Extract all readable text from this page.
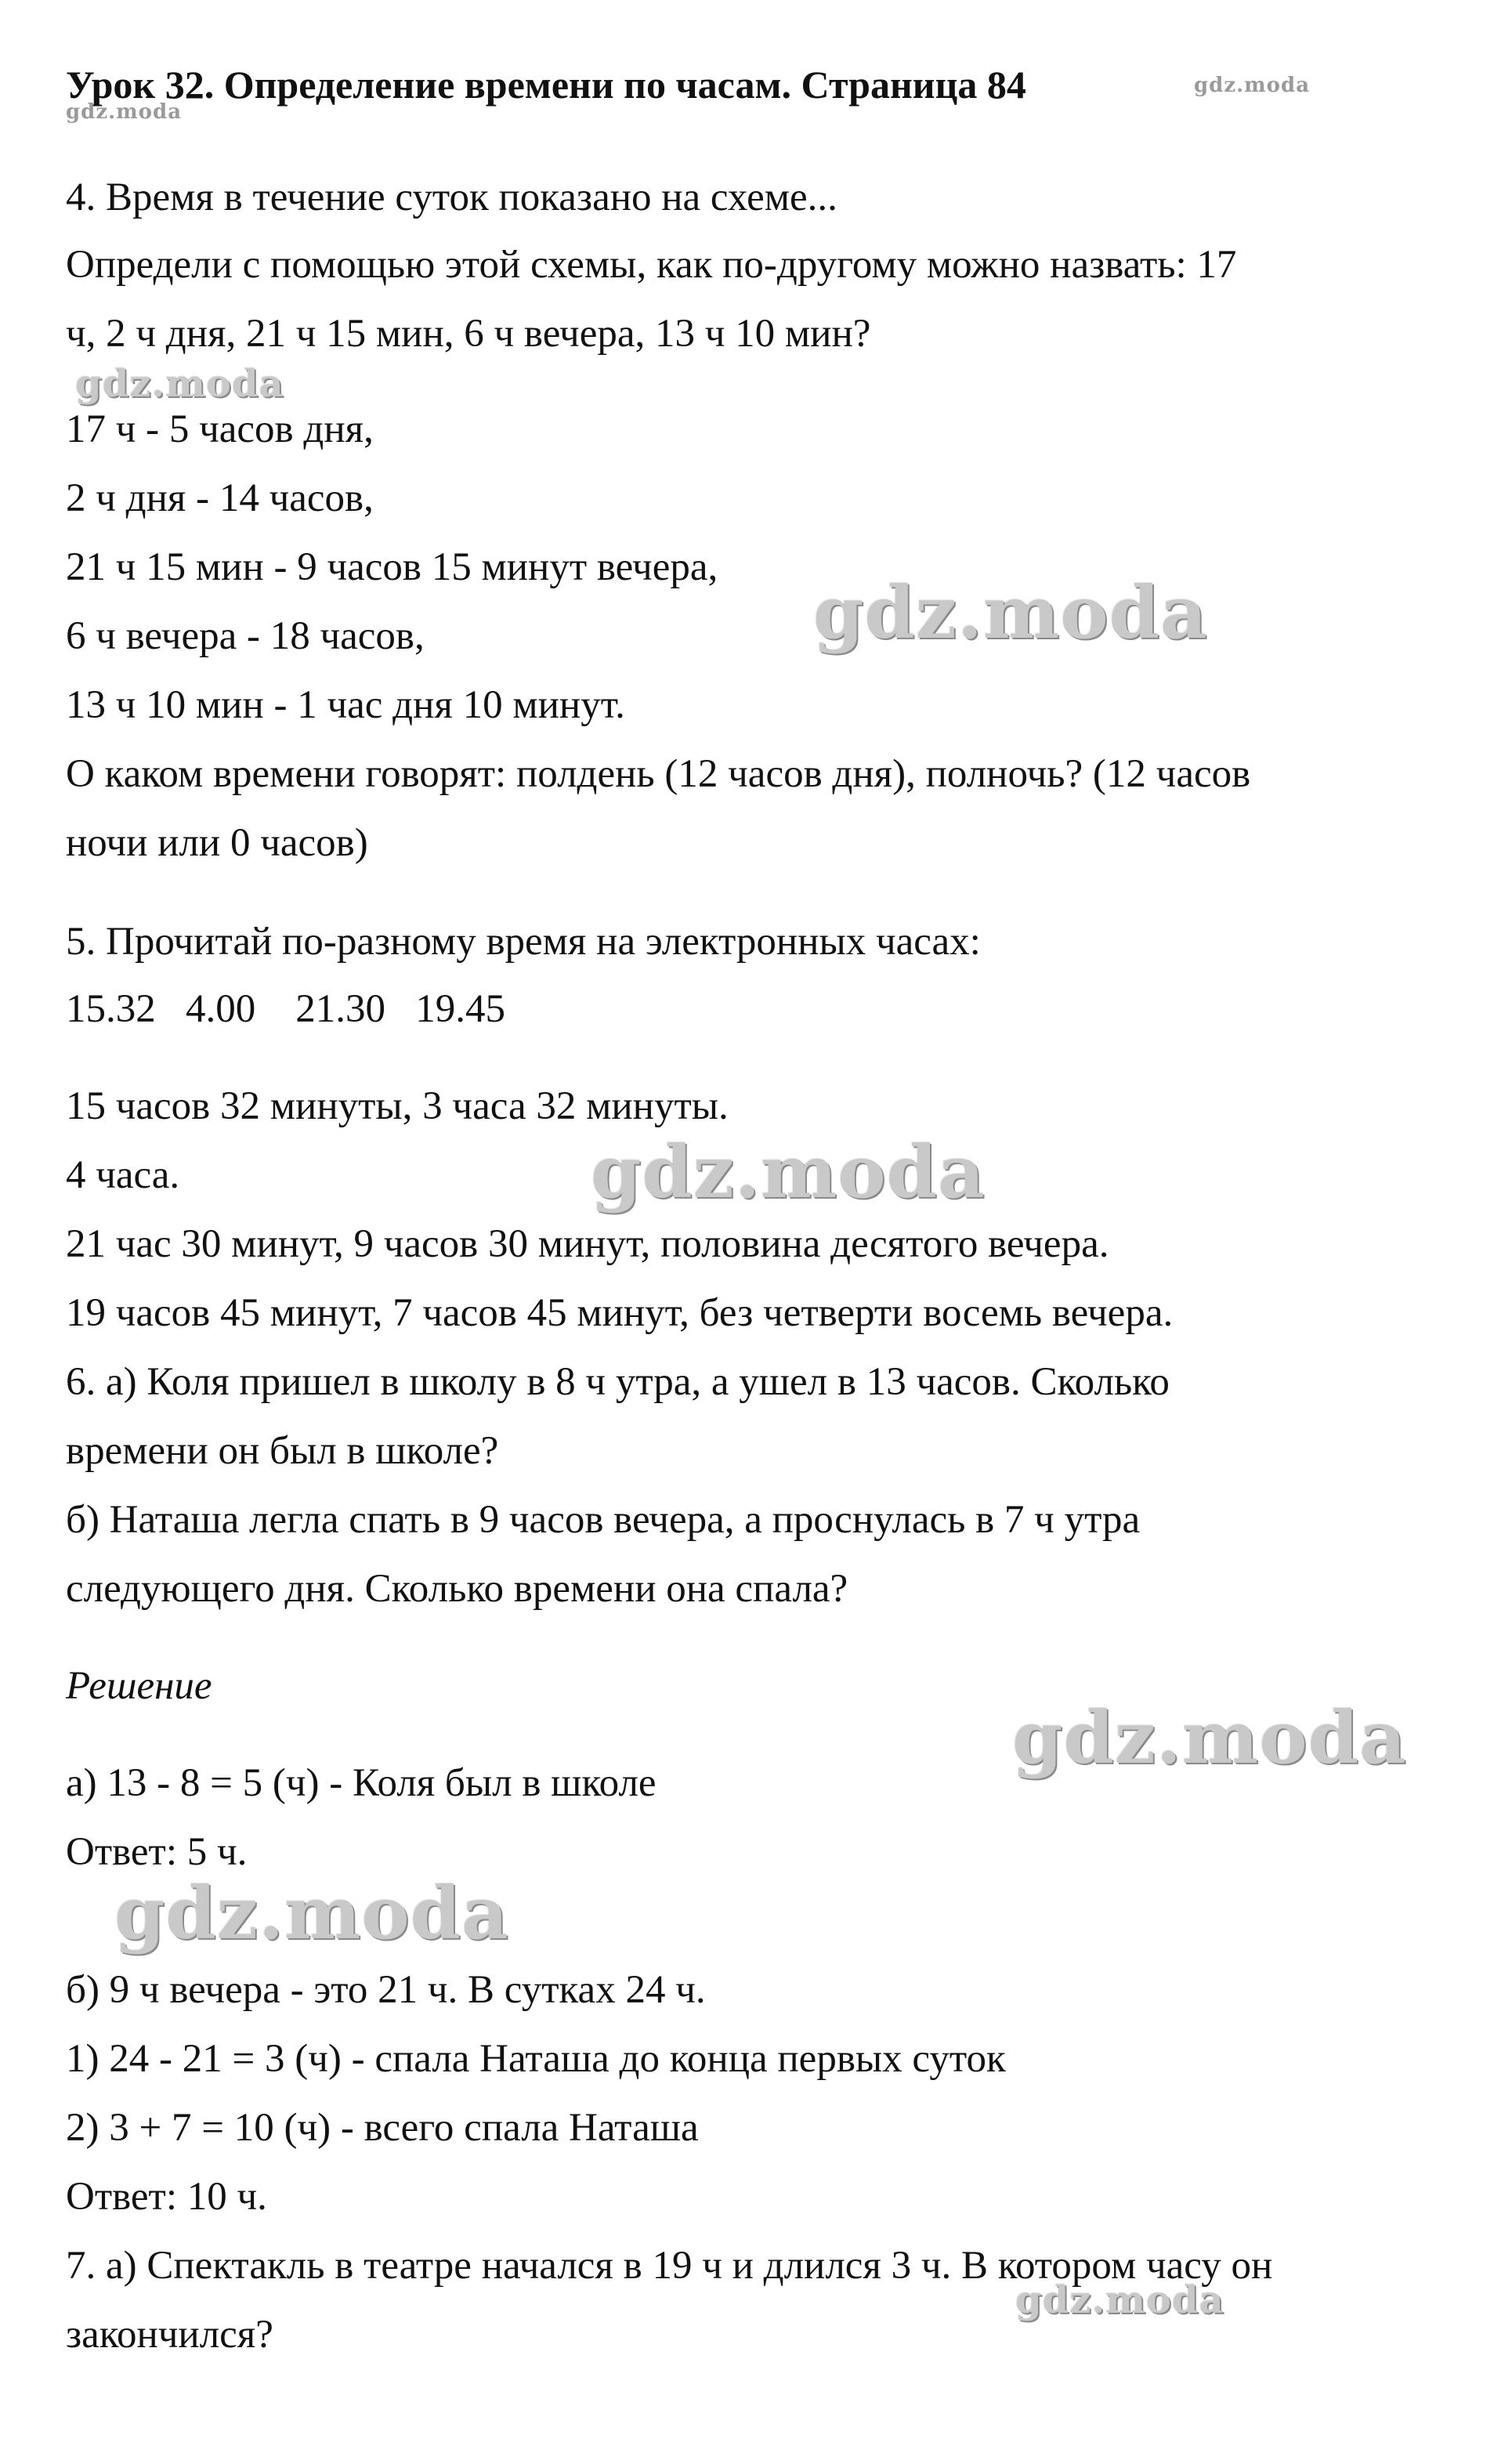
Урок 32. Определение времени по часам. Страница 84
4. Время в течение суток показано на схеме...
Определи с помощью этой схемы, как по-другому можно назвать: 17
ч, 2 ч дня, 21 ч 15 мин, 6 ч вечера, 13 ч 10 мин?
17 ч - 5 часов дня,
2 ч дня - 14 часов,
21 ч 15 мин - 9 часов 15 минут вечера,
6 ч вечера - 18 часов,
13 ч 10 мин - 1 час дня 10 минут.
О каком времени говорят: полдень (12 часов дня), полночь? (12 часов
ночи или 0 часов)
5. Прочитай по-разному время на электронных часах:
15.32   4.00    21.30   19.45
15 часов 32 минуты, 3 часа 32 минуты.
4 часа.
21 час 30 минут, 9 часов 30 минут, половина десятого вечера.
19 часов 45 минут, 7 часов 45 минут, без четверти восемь вечера.
6. а) Коля пришел в школу в 8 ч утра, а ушел в 13 часов. Сколько
времени он был в школе?
б) Наташа легла спать в 9 часов вечера, а проснулась в 7 ч утра
следующего дня. Сколько времени она спала?
Решение
а) 13 - 8 = 5 (ч) - Коля был в школе
Ответ: 5 ч.
б) 9 ч вечера - это 21 ч. В сутках 24 ч.
1) 24 - 21 = 3 (ч) - спала Наташа до конца первых суток
2) 3 + 7 = 10 (ч) - всего спала Наташа
Ответ: 10 ч.
7. а) Спектакль в театре начался в 19 ч и длился 3 ч. В котором часу он
закончился?
gdz.moda
gdz.moda
gdz.moda
gdz.moda
gdz.moda
gdz.moda
gdz.moda
gdz.moda
